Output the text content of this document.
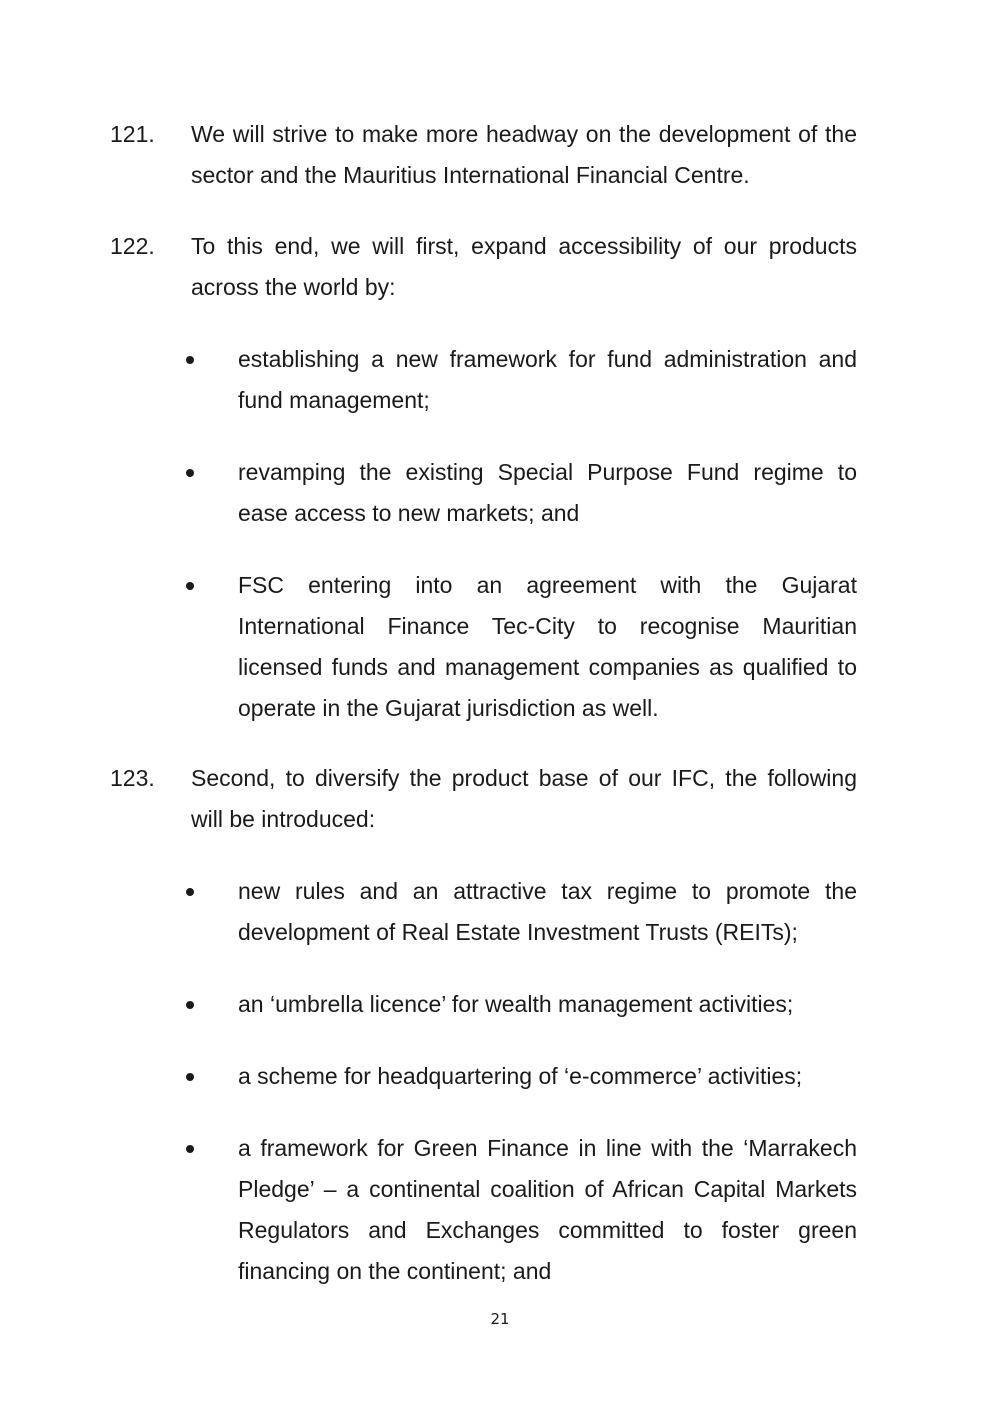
121. We will strive to make more headway on the development of the sector and the Mauritius International Financial Centre.
122. To this end, we will first, expand accessibility of our products across the world by:
establishing a new framework for fund administration and fund management;
revamping the existing Special Purpose Fund regime to ease access to new markets; and
FSC entering into an agreement with the Gujarat International Finance Tec-City to recognise Mauritian licensed funds and management companies as qualified to operate in the Gujarat jurisdiction as well.
123. Second, to diversify the product base of our IFC, the following will be introduced:
new rules and an attractive tax regime to promote the development of Real Estate Investment Trusts (REITs);
an ‘umbrella licence’ for wealth management activities;
a scheme for headquartering of ‘e-commerce’ activities;
a framework for Green Finance in line with the ‘Marrakech Pledge’ – a continental coalition of African Capital Markets Regulators and Exchanges committed to foster green financing on the continent; and
21
